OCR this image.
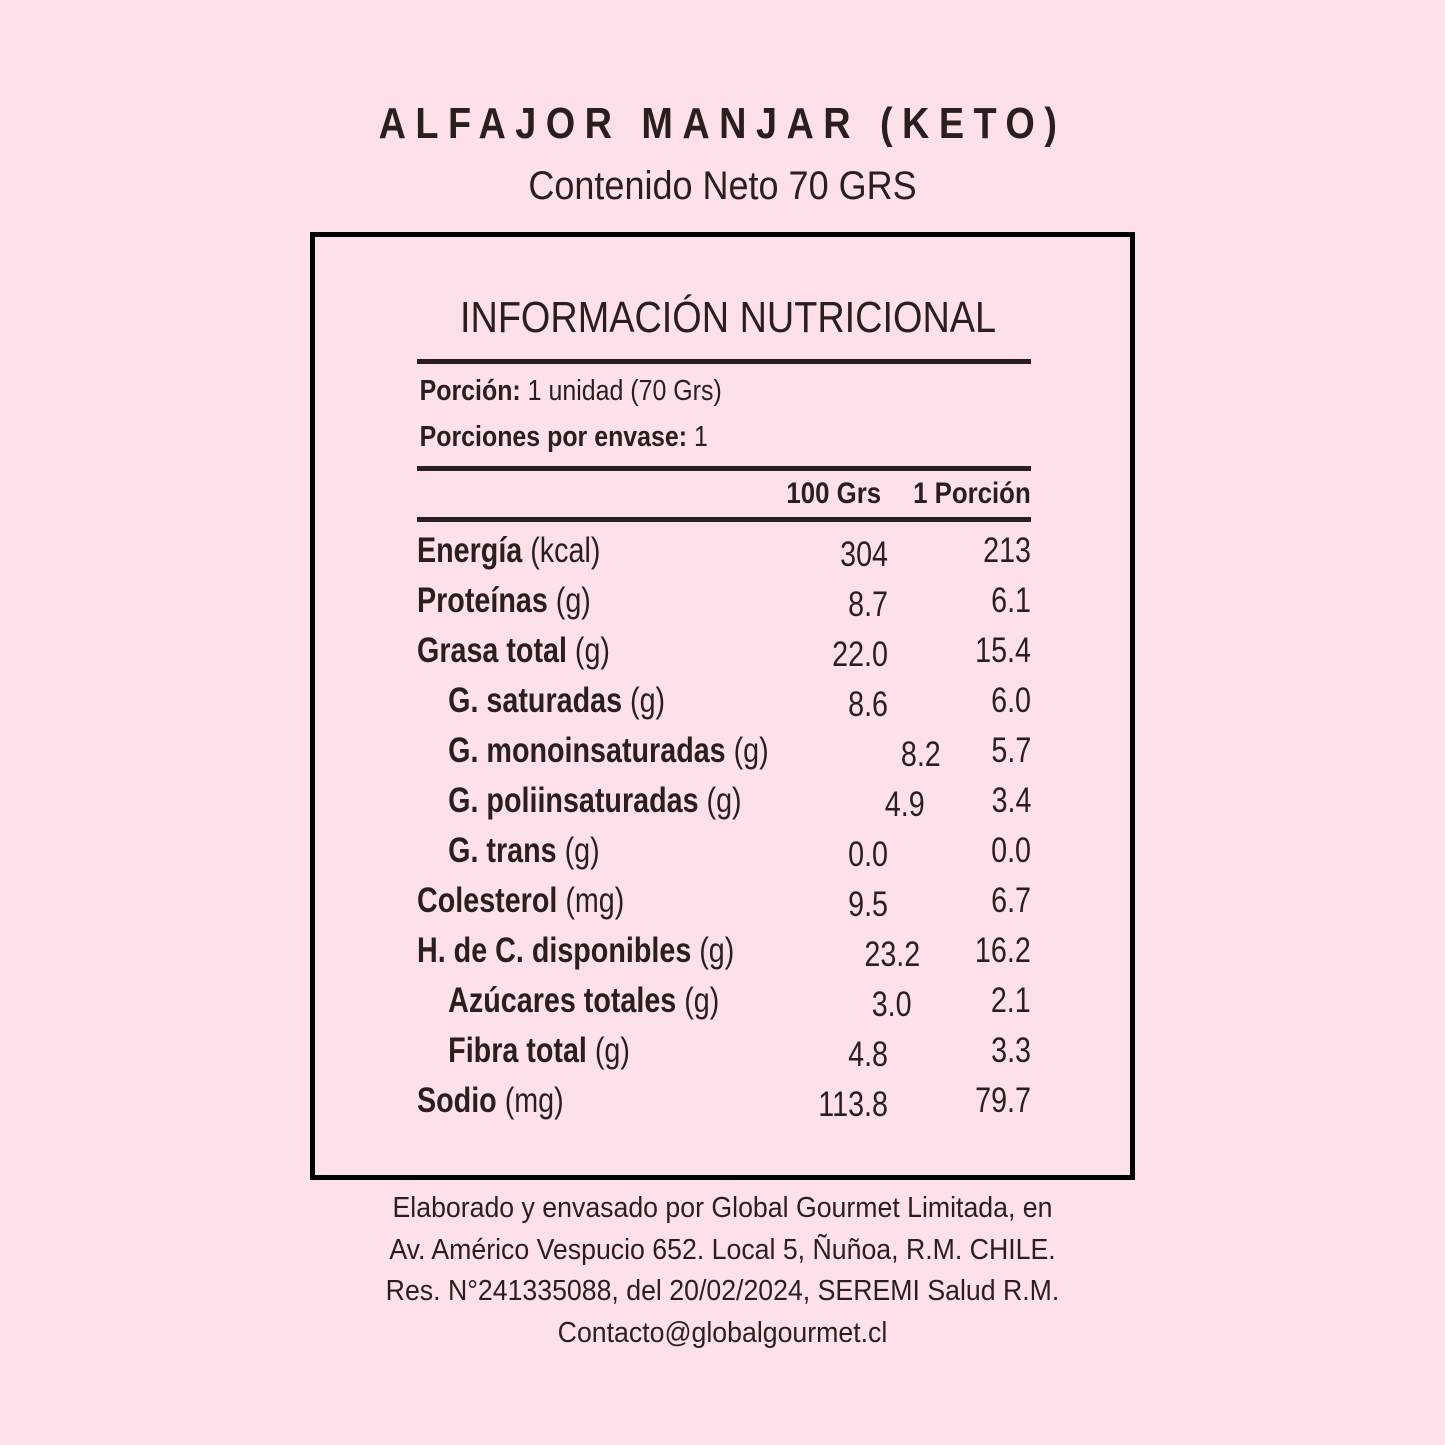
ALFAJOR MANJAR (KETO)
Contenido Neto 70 GRS
INFORMACIÓN NUTRICIONAL
Porción: 1 unidad (70 Grs)
Porciones por envase: 1
100 Grs	1 Porción
Energía (kcal)	304	213
Proteínas (g)	8.7	6.1
Grasa total (g)	22.0	15.4
G. saturadas (g)	8.6	6.0
G. monoinsaturadas (g)	8.2	5.7
G. poliinsaturadas (g)	4.9	3.4
G. trans (g)	0.0	0.0
Colesterol (mg)	9.5	6.7
H. de C. disponibles (g)	23.2	16.2
Azúcares totales (g)	3.0	2.1
Fibra total (g)	4.8	3.3
Sodio (mg)	113.8	79.7
Elaborado y envasado por Global Gourmet Limitada, en
Av. Américo Vespucio 652. Local 5, Ñuñoa, R.M. CHILE.
Res. N°241335088, del 20/02/2024, SEREMI Salud R.M.
Contacto@globalgourmet.cl
